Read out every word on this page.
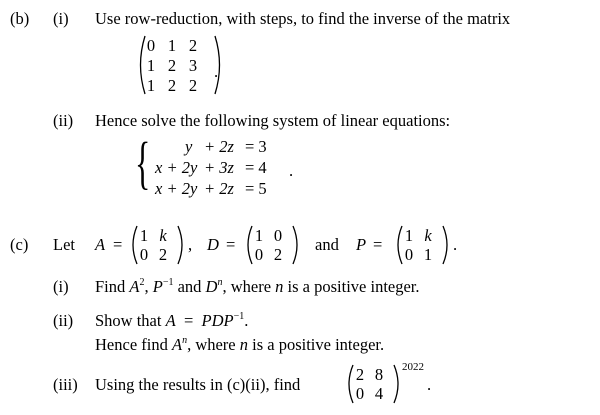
(b) (i) Use row-reduction, with steps, to find the inverse of the matrix
0 1 2
1 2 3
1 2 2
.
(ii) Hence solve the following system of linear equations:
{ y + 2z = 3
x + 2y + 3z = 4 .
x + 2y + 2z = 5
(c) Let A = 1 k
0 2
, D = 1 0
0 2
and P = 1 k
0 1
.
(i) Find $A^2$, $P^{-1}$ and $D^n$, where n is a positive integer.
(ii) Show that $A = PDP^{-1}$.
Hence find $A^n$, where n is a positive integer.
(iii) Using the results in (c)(ii), find
2 8
0 4
2022
.
